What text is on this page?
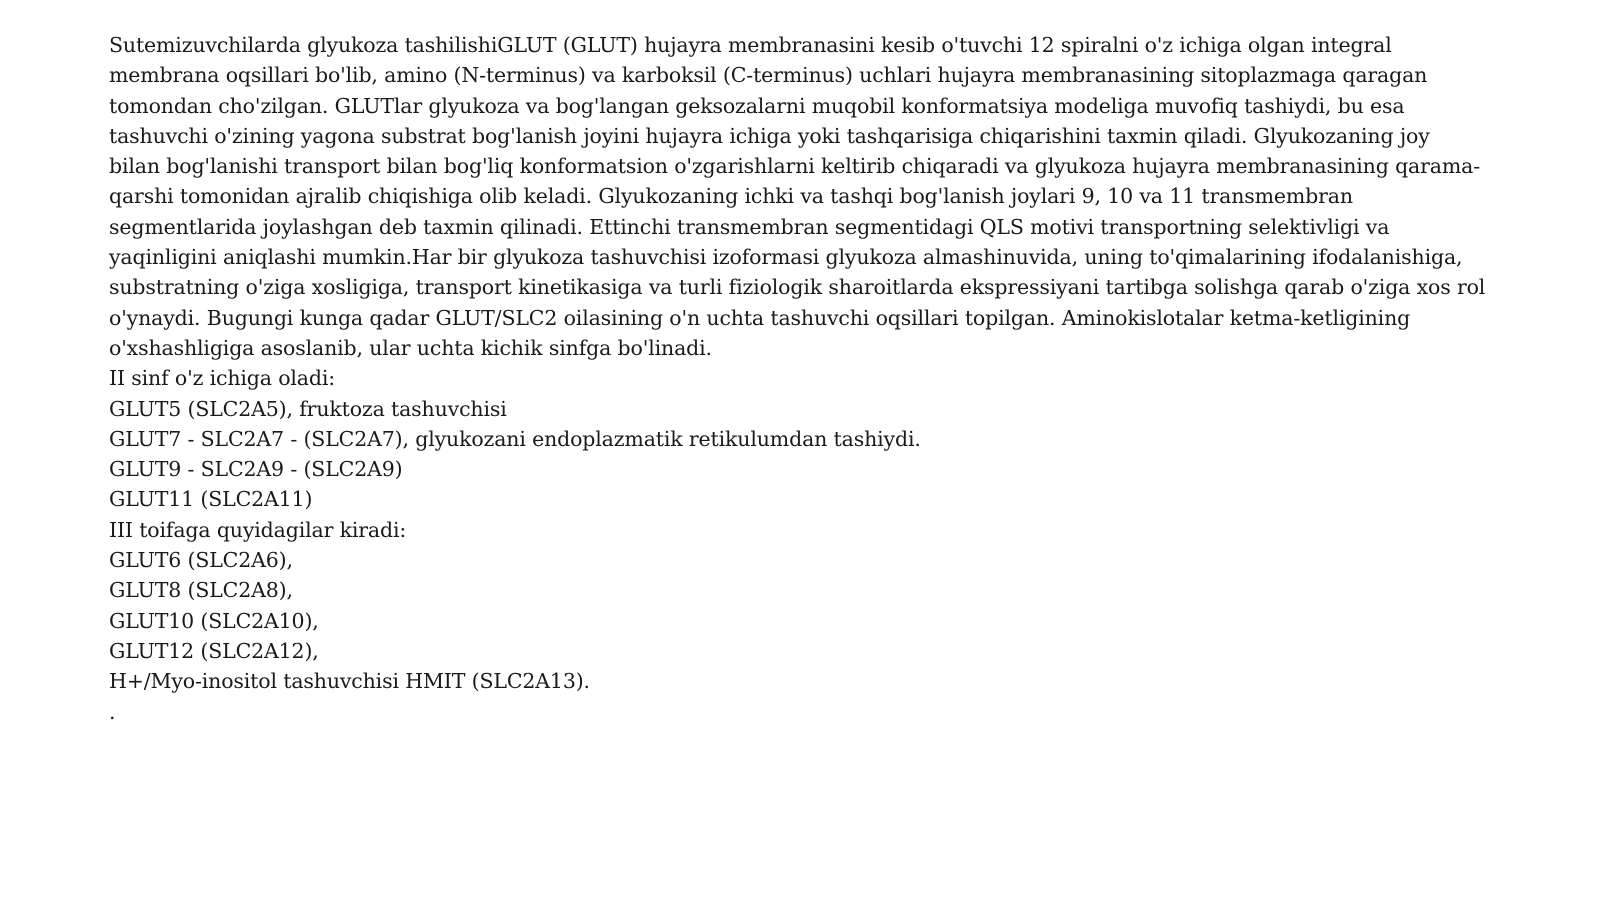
Sutemizuvchilarda glyukoza tashilishiGLUT (GLUT) hujayra membranasini kesib o'tuvchi 12 spiralni o'z ichiga olgan integral
membrana oqsillari bo'lib, amino (N-terminus) va karboksil (C-terminus) uchlari hujayra membranasining sitoplazmaga qaragan
tomondan cho'zilgan. GLUTlar glyukoza va bog'langan geksozalarni muqobil konformatsiya modeliga muvofiq tashiydi, bu esa
tashuvchi o'zining yagona substrat bog'lanish joyini hujayra ichiga yoki tashqarisiga chiqarishini taxmin qiladi. Glyukozaning joy
bilan bog'lanishi transport bilan bog'liq konformatsion o'zgarishlarni keltirib chiqaradi va glyukoza hujayra membranasining qarama-
qarshi tomonidan ajralib chiqishiga olib keladi. Glyukozaning ichki va tashqi bog'lanish joylari 9, 10 va 11 transmembran
segmentlarida joylashgan deb taxmin qilinadi. Ettinchi transmembran segmentidagi QLS motivi transportning selektivligi va
yaqinligini aniqlashi mumkin.Har bir glyukoza tashuvchisi izoformasi glyukoza almashinuvida, uning to'qimalarining ifodalanishiga,
substratning o'ziga xosligiga, transport kinetikasiga va turli fiziologik sharoitlarda ekspressiyani tartibga solishga qarab o'ziga xos rol
o'ynaydi. Bugungi kunga qadar GLUT/SLC2 oilasining o'n uchta tashuvchi oqsillari topilgan. Aminokislotalar ketma-ketligining
o'xshashligiga asoslanib, ular uchta kichik sinfga bo'linadi.
II sinf o'z ichiga oladi:
GLUT5 (SLC2A5), fruktoza tashuvchisi
GLUT7 - SLC2A7 - (SLC2A7), glyukozani endoplazmatik retikulumdan tashiydi.
GLUT9 - SLC2A9 - (SLC2A9)
GLUT11 (SLC2A11)
III toifaga quyidagilar kiradi:
GLUT6 (SLC2A6),
GLUT8 (SLC2A8),
GLUT10 (SLC2A10),
GLUT12 (SLC2A12),
H+/Myo-inositol tashuvchisi HMIT (SLC2A13).
.
